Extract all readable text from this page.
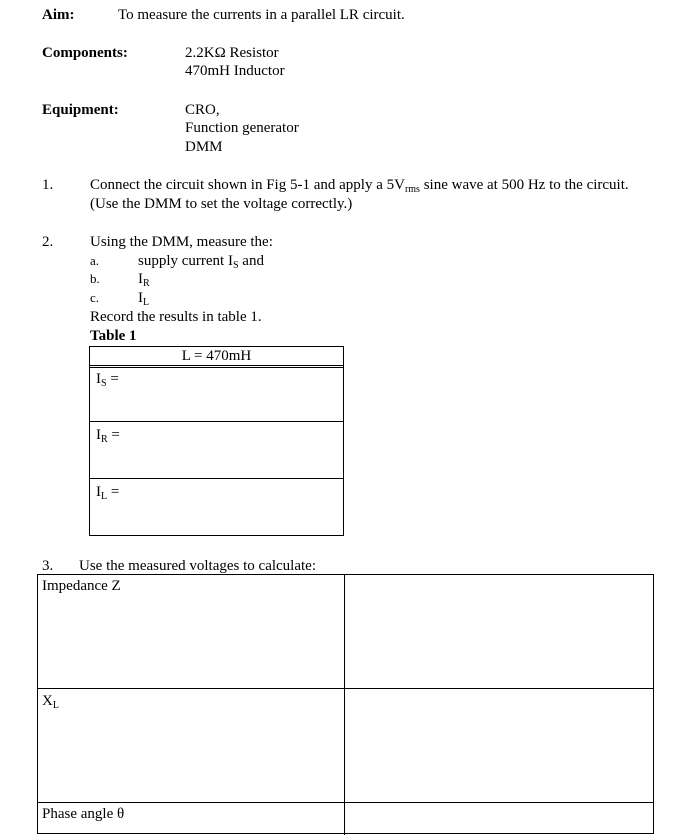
Aim:	To measure the currents in a parallel LR circuit.
Components:	2.2KΩ Resistor
470mH Inductor
Equipment:	CRO,
Function generator
DMM
1. Connect the circuit shown in Fig 5-1 and apply a $5V_{rms}$ sine wave at 500 Hz to the circuit.
(Use the DMM to set the voltage correctly.)
2. Using the DMM, measure the:
a.	supply current $I_S$ and
b.	$I_R$
c.	$I_L$
Record the results in table 1.
Table 1
L = 470mH
$I_S$ =
$I_R$ =
$I_L$ =
3. Use the measured voltages to calculate:
Impedance Z
$X_L$
Phase angle θ
